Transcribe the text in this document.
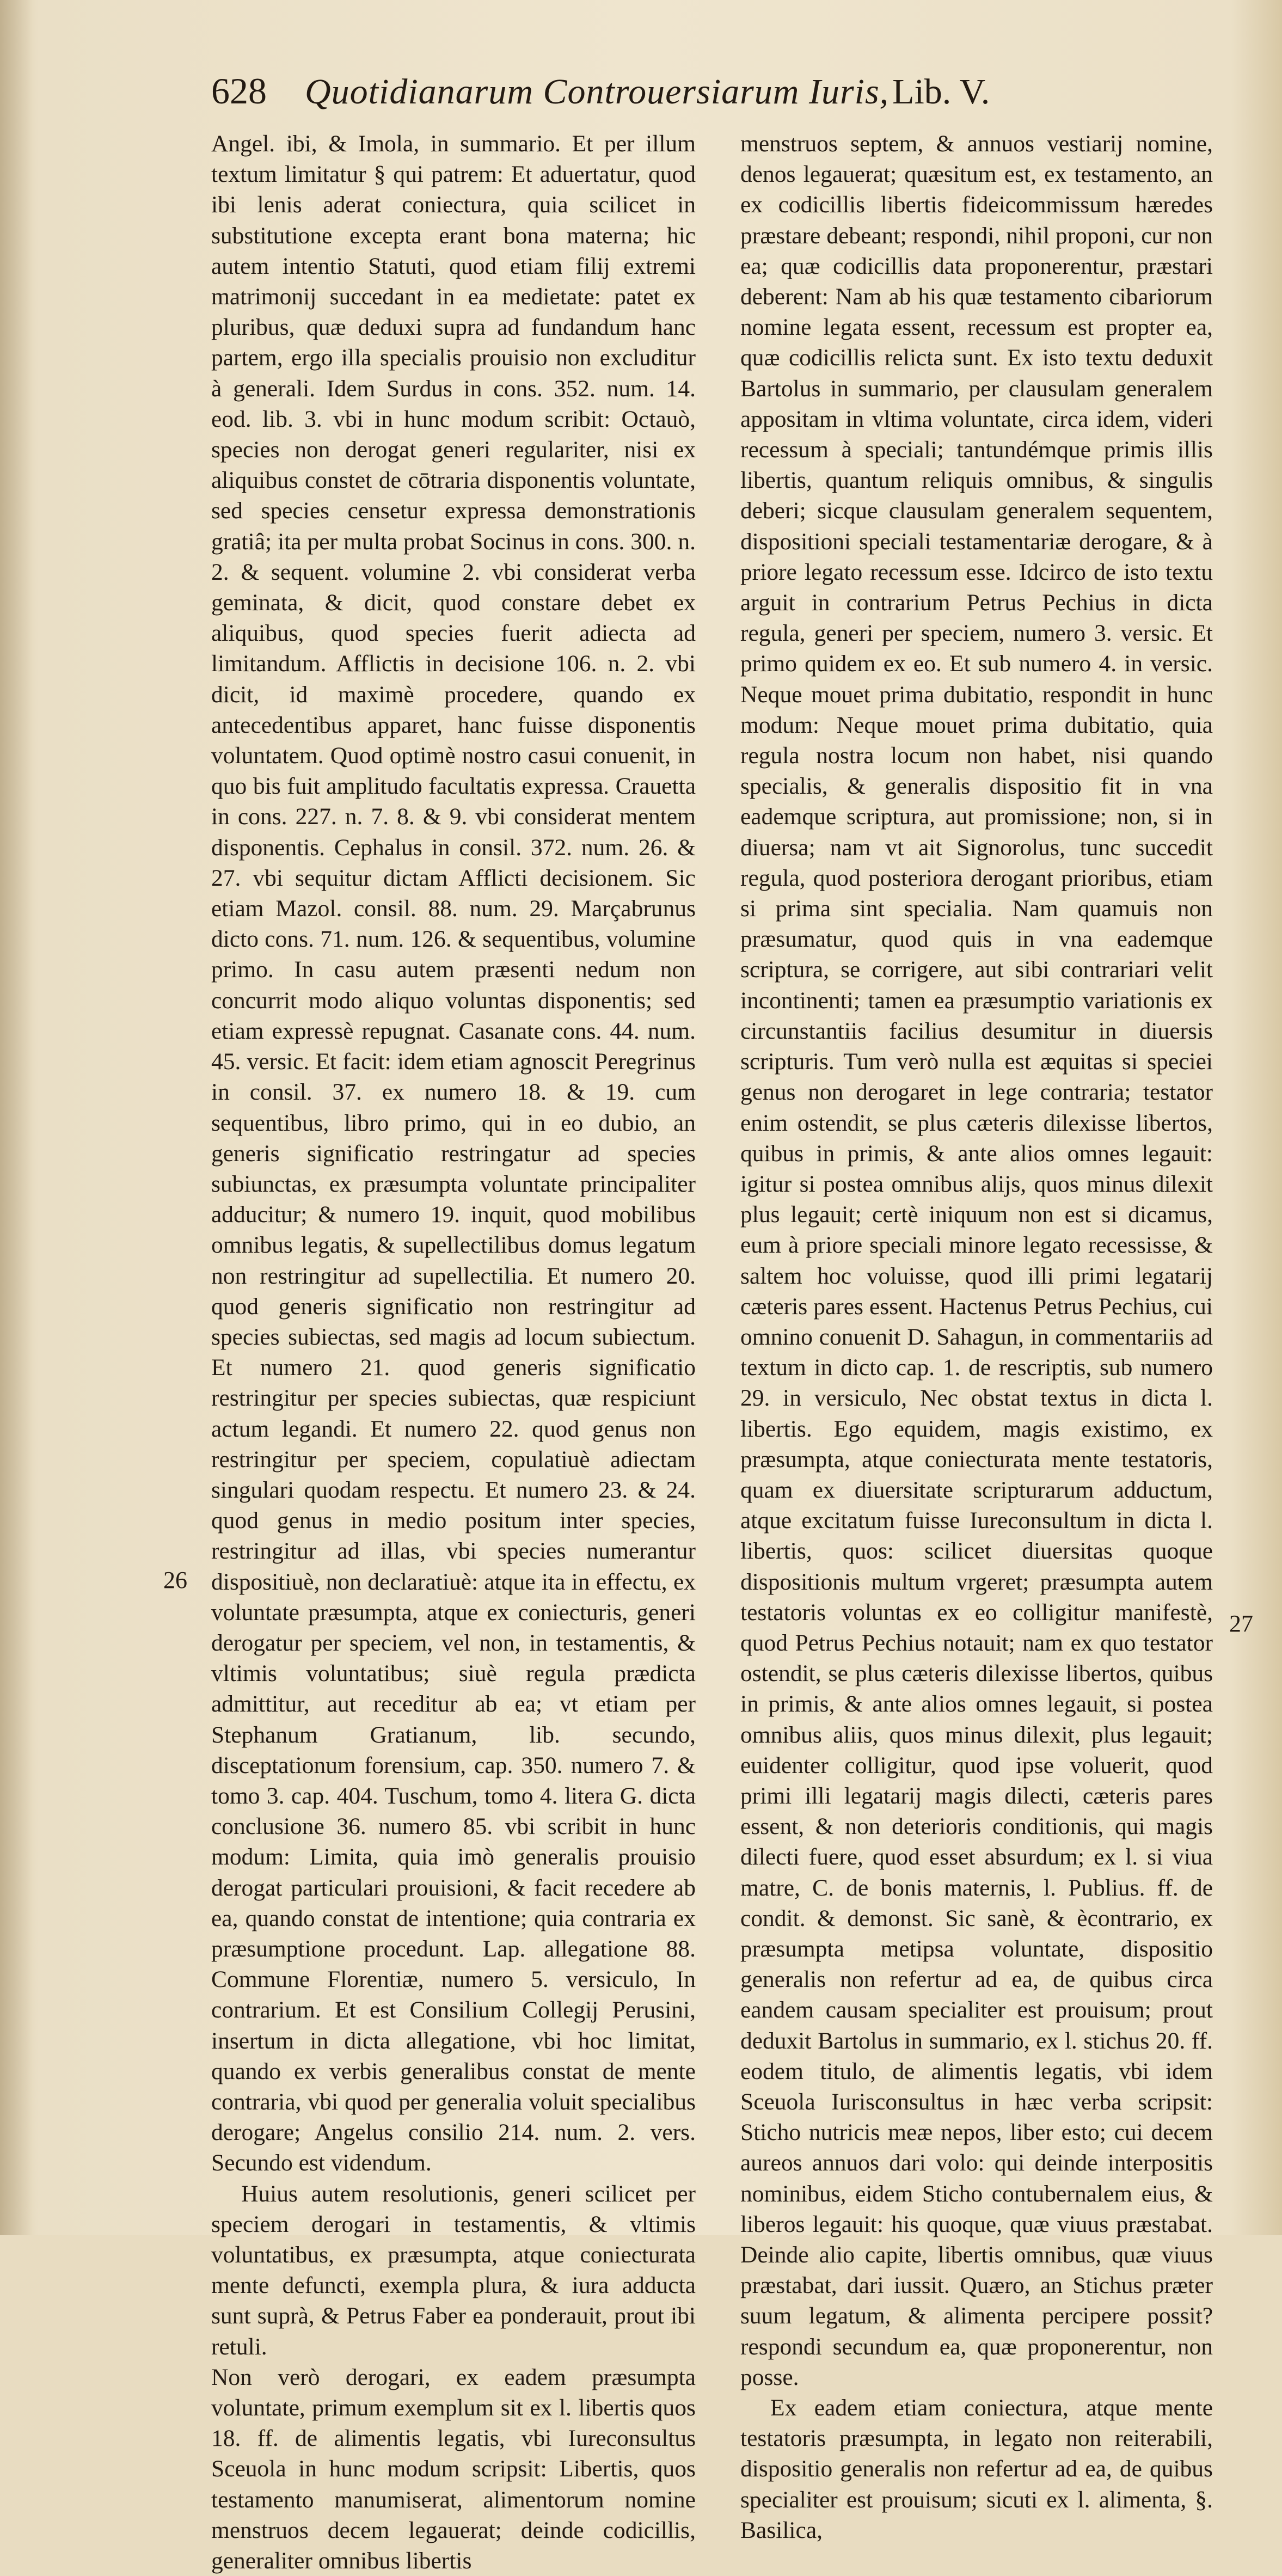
628 Quotidianarum Controuersiarum Iuris, Lib. V.

Angel. ibi, & Imola, in summario. Et per illum textum limitatur § qui patrem: Et aduertatur, quod ibi lenis aderat coniectura, quia scilicet in substitutione excepta erant bona materna; hic autem intentio Statuti, quod etiam filij extremi matrimonij succedant in ea medietate: patet ex pluribus, quæ deduxi supra ad fundandum hanc partem, ergo illa specialis prouisio non excluditur à generali. Idem Surdus in cons. 352. num. 14. eod. lib. 3. vbi in hunc modum scribit: Octauò, species non derogat generi regulariter, nisi ex aliquibus constet de cōtraria disponentis voluntate, sed species censetur expressa demonstrationis gratiâ; ita per multa probat Socinus in cons. 300. n. 2. & sequent. volumine 2. vbi considerat verba geminata, & dicit, quod constare debet ex aliquibus, quod species fuerit adiecta ad limitandum. Afflictis in decisione 106. n. 2. vbi dicit, id maximè procedere, quando ex antecedentibus apparet, hanc fuisse disponentis voluntatem. Quod optimè nostro casui conuenit, in quo bis fuit amplitudo facultatis expressa. Crauetta in cons. 227. n. 7. 8. & 9. vbi considerat mentem disponentis. Cephalus in consil. 372. num. 26. & 27. vbi sequitur dictam Afflicti decisionem. Sic etiam Mazol. consil. 88. num. 29. Marçabrunus dicto cons. 71. num. 126. & sequentibus, volumine primo. In casu autem præsenti nedum non concurrit modo aliquo voluntas disponentis; sed etiam expressè repugnat. Casanate cons. 44. num. 45. versic. Et facit: idem etiam agnoscit Peregrinus in consil. 37. ex numero 18. & 19. cum sequentibus, libro primo, qui in eo dubio, an generis significatio restringatur ad species subiunctas, ex præsumpta voluntate principaliter adducitur; & numero 19. inquit, quod mobilibus omnibus legatis, & supellectilibus domus legatum non restringitur ad supellectilia. Et numero 20. quod generis significatio non restringitur ad species subiectas, sed magis ad locum subiectum. Et numero 21. quod generis significatio restringitur per species subiectas, quæ respiciunt actum legandi. Et numero 22. quod genus non restringitur per speciem, copulatiuè adiectam singulari quodam respectu. Et numero 23. & 24. quod genus in medio positum inter species, restringitur ad illas, vbi species numerantur dispositiuè, non declaratiuè: atque ita in effectu, ex voluntate præsumpta, atque ex coniecturis, generi derogatur per speciem, vel non, in testamentis, & vltimis voluntatibus; siuè regula prædicta admittitur, aut receditur ab ea; vt etiam per Stephanum Gratianum, lib. secundo, disceptationum forensium, cap. 350. numero 7. & tomo 3. cap. 404. Tuschum, tomo 4. litera G. dicta conclusione 36. numero 85. vbi scribit in hunc modum: Limita, quia imò generalis prouisio derogat particulari prouisioni, & facit recedere ab ea, quando constat de intentione; quia contraria ex præsumptione procedunt. Lap. allegatione 88. Commune Florentiæ, numero 5. versiculo, In contrarium. Et est Consilium Collegij Perusini, insertum in dicta allegatione, vbi hoc limitat, quando ex verbis generalibus constat de mente contraria, vbi quod per generalia voluit specialibus derogare; Angelus consilio 214. num. 2. vers. Secundo est videndum.

Huius autem resolutionis, generi scilicet per speciem derogari in testamentis, & vltimis voluntatibus, ex præsumpta, atque coniecturata mente defuncti, exempla plura, & iura adducta sunt suprà, & Petrus Faber ea ponderauit, prout ibi retuli.

Non verò derogari, ex eadem præsumpta voluntate, primum exemplum sit ex l. libertis quos 18. ff. de alimentis legatis, vbi Iureconsultus Sceuola in hunc modum scripsit: Libertis, quos testamento manumiserat, alimentorum nomine menstruos decem legauerat; deinde codicillis, generaliter omnibus libertis

menstruos septem, & annuos vestiarij nomine, denos legauerat; quæsitum est, ex testamento, an ex codicillis libertis fideicommissum hæredes præstare debeant; respondi, nihil proponi, cur non ea; quæ codicillis data proponerentur, præstari deberent: Nam ab his quæ testamento cibariorum nomine legata essent, recessum est propter ea, quæ codicillis relicta sunt. Ex isto textu deduxit Bartolus in summario, per clausulam generalem appositam in vltima voluntate, circa idem, videri recessum à speciali; tantundémque primis illis libertis, quantum reliquis omnibus, & singulis deberi; sicque clausulam generalem sequentem, dispositioni speciali testamentariæ derogare, & à priore legato recessum esse. Idcirco de isto textu arguit in contrarium Petrus Pechius in dicta regula, generi per speciem, numero 3. versic. Et primo quidem ex eo. Et sub numero 4. in versic. Neque mouet prima dubitatio, respondit in hunc modum: Neque mouet prima dubitatio, quia regula nostra locum non habet, nisi quando specialis, & generalis dispositio fit in vna eademque scriptura, aut promissione; non, si in diuersa; nam vt ait Signorolus, tunc succedit regula, quod posteriora derogant prioribus, etiam si prima sint specialia. Nam quamuis non præsumatur, quod quis in vna eademque scriptura, se corrigere, aut sibi contrariari velit incontinenti; tamen ea præsumptio variationis ex circunstantiis facilius desumitur in diuersis scripturis. Tum verò nulla est æquitas si speciei genus non derogaret in lege contraria; testator enim ostendit, se plus cæteris dilexisse libertos, quibus in primis, & ante alios omnes legauit: igitur si postea omnibus alijs, quos minus dilexit plus legauit; certè iniquum non est si dicamus, eum à priore speciali minore legato recessisse, & saltem hoc voluisse, quod illi primi legatarij cæteris pares essent. Hactenus Petrus Pechius, cui omnino conuenit D. Sahagun, in commentariis ad textum in dicto cap. 1. de rescriptis, sub numero 29. in versiculo, Nec obstat textus in dicta l. libertis. Ego equidem, magis existimo, ex præsumpta, atque coniecturata mente testatoris, quam ex diuersitate scripturarum adductum, atque excitatum fuisse Iureconsultum in dicta l. libertis, quos: scilicet diuersitas quoque dispositionis multum vrgeret; præsumpta autem testatoris voluntas ex eo colligitur manifestè, quod Petrus Pechius notauit; nam ex quo testator ostendit, se plus cæteris dilexisse libertos, quibus in primis, & ante alios omnes legauit, si postea omnibus aliis, quos minus dilexit, plus legauit; euidenter colligitur, quod ipse voluerit, quod primi illi legatarij magis dilecti, cæteris pares essent, & non deterioris conditionis, qui magis dilecti fuere, quod esset absurdum; ex l. si viua matre, C. de bonis maternis, l. Publius. ff. de condit. & demonst. Sic sanè, & ècontrario, ex præsumpta metipsa voluntate, dispositio generalis non refertur ad ea, de quibus circa eandem causam specialiter est prouisum; prout deduxit Bartolus in summario, ex l. stichus 20. ff. eodem titulo, de alimentis legatis, vbi idem Sceuola Iurisconsultus in hæc verba scripsit: Sticho nutricis meæ nepos, liber esto; cui decem aureos annuos dari volo: qui deinde interpositis nominibus, eidem Sticho contubernalem eius, & liberos legauit: his quoque, quæ viuus præstabat. Deinde alio capite, libertis omnibus, quæ viuus præstabat, dari iussit. Quæro, an Stichus præter suum legatum, & alimenta percipere possit? respondi secundum ea, quæ proponerentur, non posse.

Ex eadem etiam coniectura, atque mente testatoris præsumpta, in legato non reiterabili, dispositio generalis non refertur ad ea, de quibus specialiter est prouisum; sicuti ex l. alimenta, §. Basilica,

26
27
